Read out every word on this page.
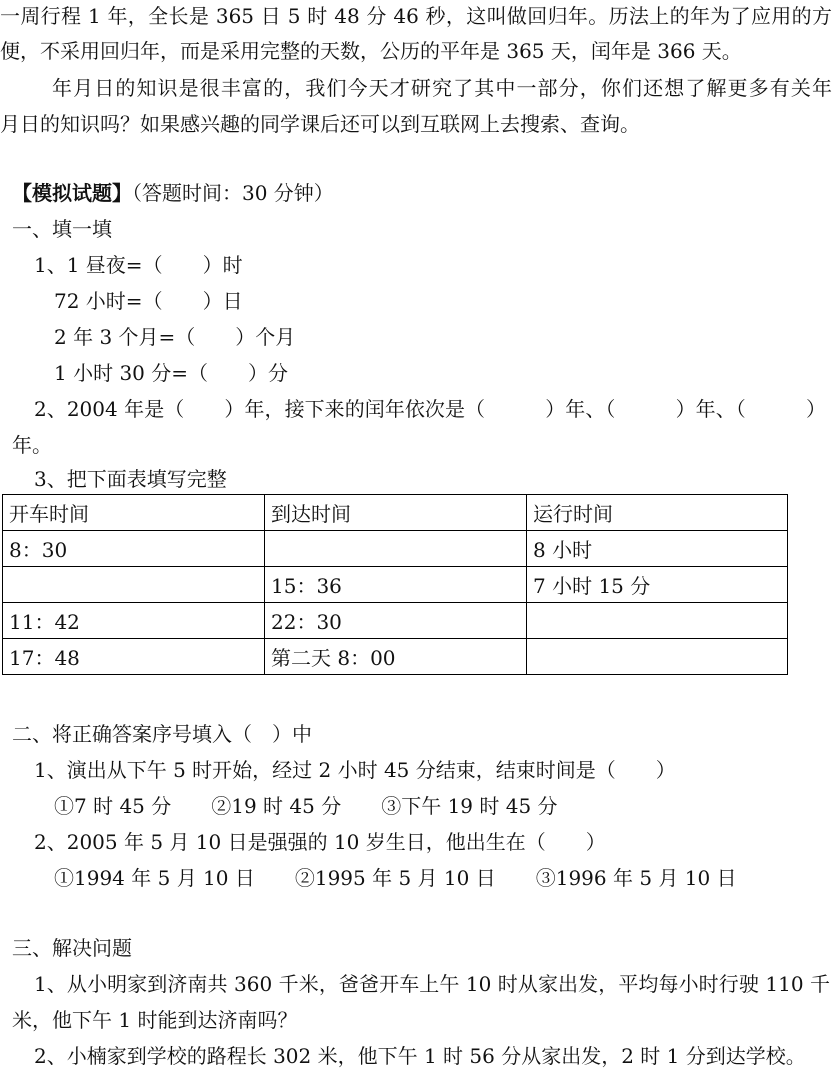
一周行程 1 年，全长是 365 日 5 时 48 分 46 秒，这叫做回归年。历法上的年为了应用的方
便，不采用回归年，而是采用完整的天数，公历的平年是 365 天，闰年是 366 天。
年月日的知识是很丰富的，我们今天才研究了其中一部分，你们还想了解更多有关年
月日的知识吗？如果感兴趣的同学课后还可以到互联网上去搜索、查询。
【模拟试题】（答题时间：30 分钟）
一、填一填
1、1 昼夜=（　　）时
72 小时=（　　）日
2 年 3 个月=（　　）个月
1 小时 30 分=（　　）分
2、2004 年是（　　）年，接下来的闰年依次是（　　　）年、（　　　）年、（　　　）
年。
3、把下面表填写完整
开车时间	到达时间	运行时间
8：30		8 小时
	15：36	7 小时 15 分
11：42	22：30	
17：48	第二天 8：00	
二、将正确答案序号填入（　）中
1、演出从下午 5 时开始，经过 2 小时 45 分结束，结束时间是（　　）
①7 时 45 分　　②19 时 45 分　　③下午 19 时 45 分
2、2005 年 5 月 10 日是强强的 10 岁生日，他出生在（　　）
①1994 年 5 月 10 日　　②1995 年 5 月 10 日　　③1996 年 5 月 10 日
三、解决问题
1、从小明家到济南共 360 千米，爸爸开车上午 10 时从家出发，平均每小时行驶 110 千
米，他下午 1 时能到达济南吗？
2、小楠家到学校的路程长 302 米，他下午 1 时 56 分从家出发，2 时 1 分到达学校。
